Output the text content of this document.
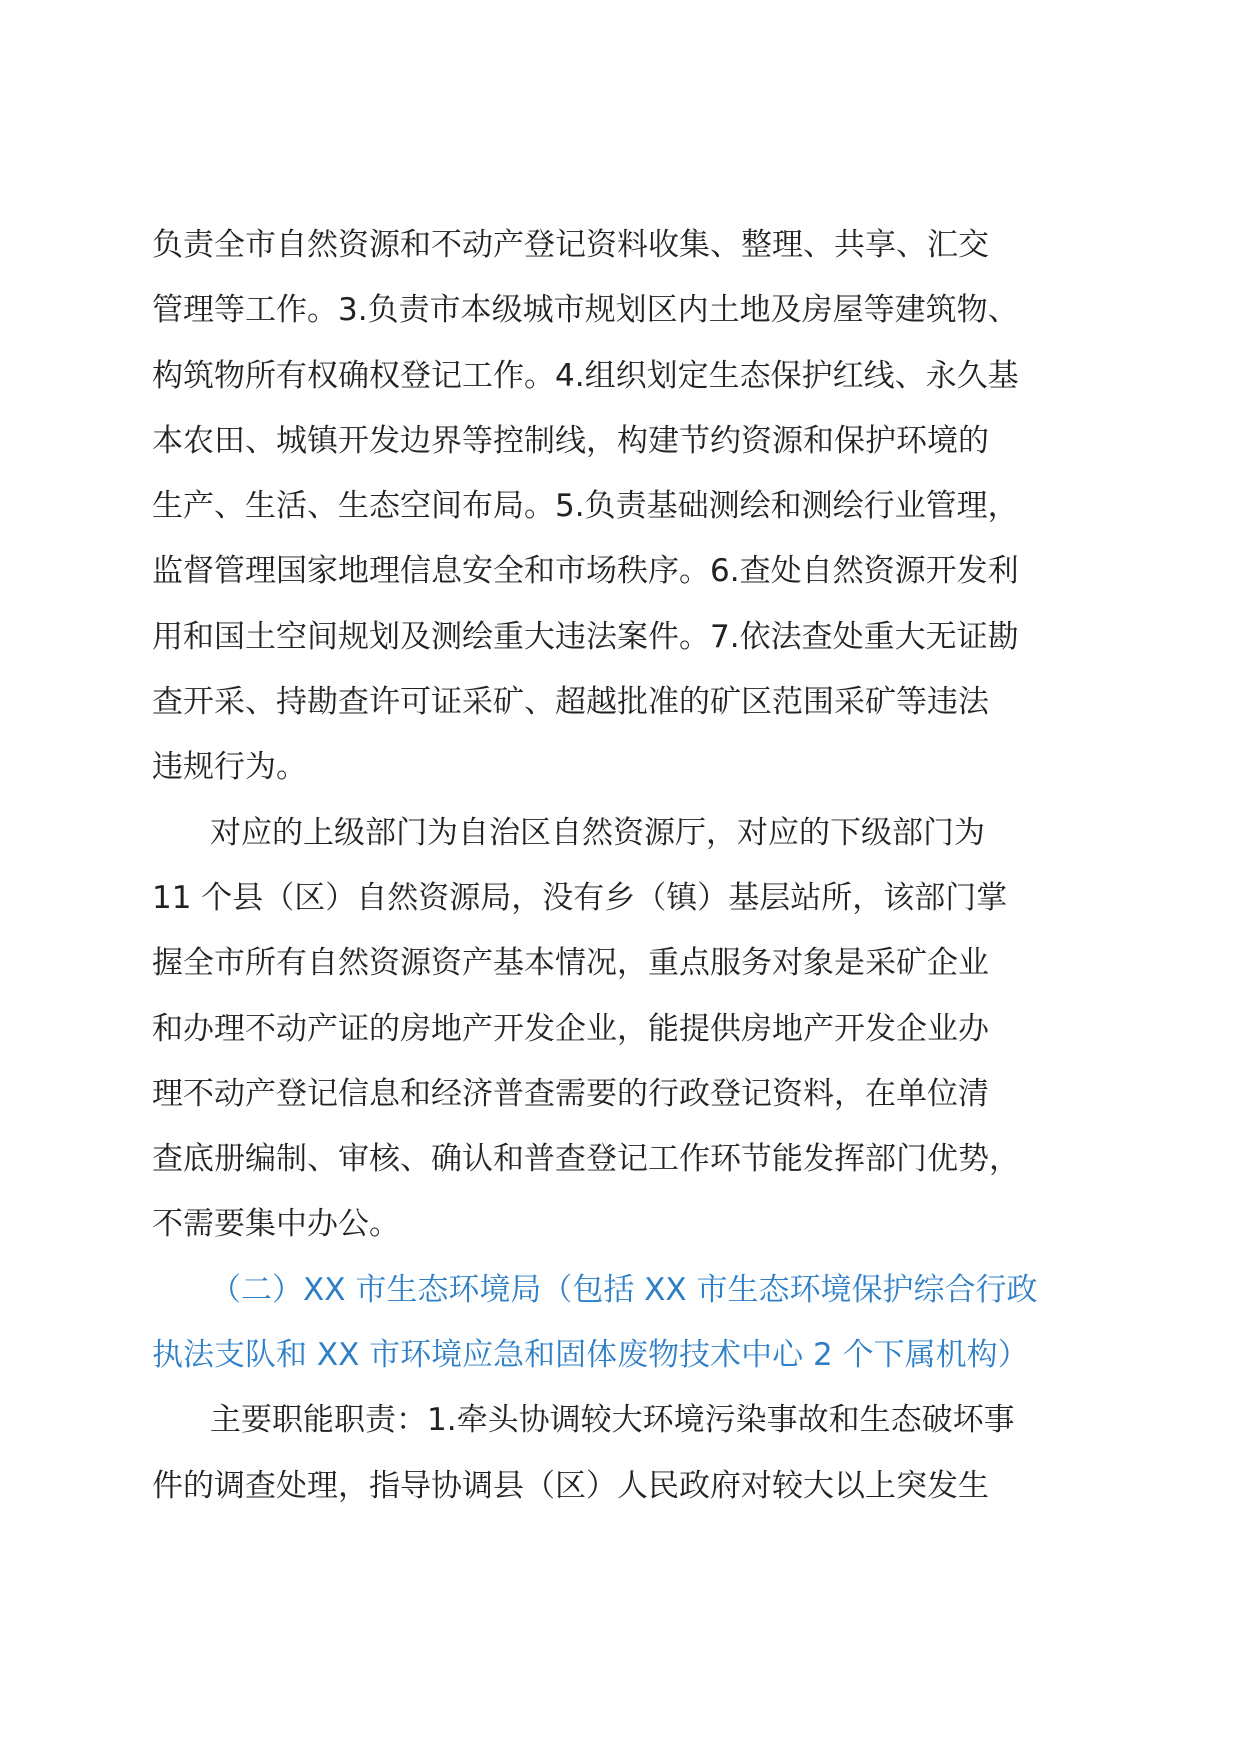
负责全市自然资源和不动产登记资料收集、整理、共享、汇交
管理等工作。3.负责市本级城市规划区内土地及房屋等建筑物、
构筑物所有权确权登记工作。4.组织划定生态保护红线、永久基
本农田、城镇开发边界等控制线，构建节约资源和保护环境的
生产、生活、生态空间布局。5.负责基础测绘和测绘行业管理，
监督管理国家地理信息安全和市场秩序。6.查处自然资源开发利
用和国土空间规划及测绘重大违法案件。7.依法查处重大无证勘
查开采、持勘查许可证采矿、超越批准的矿区范围采矿等违法
违规行为。
对应的上级部门为自治区自然资源厅，对应的下级部门为
11 个县（区）自然资源局，没有乡（镇）基层站所，该部门掌
握全市所有自然资源资产基本情况，重点服务对象是采矿企业
和办理不动产证的房地产开发企业，能提供房地产开发企业办
理不动产登记信息和经济普查需要的行政登记资料，在单位清
查底册编制、审核、确认和普查登记工作环节能发挥部门优势，
不需要集中办公。
（二）XX 市生态环境局（包括 XX 市生态环境保护综合行政
执法支队和 XX 市环境应急和固体废物技术中心 2 个下属机构）
主要职能职责：1.牵头协调较大环境污染事故和生态破坏事
件的调查处理，指导协调县（区）人民政府对较大以上突发生
